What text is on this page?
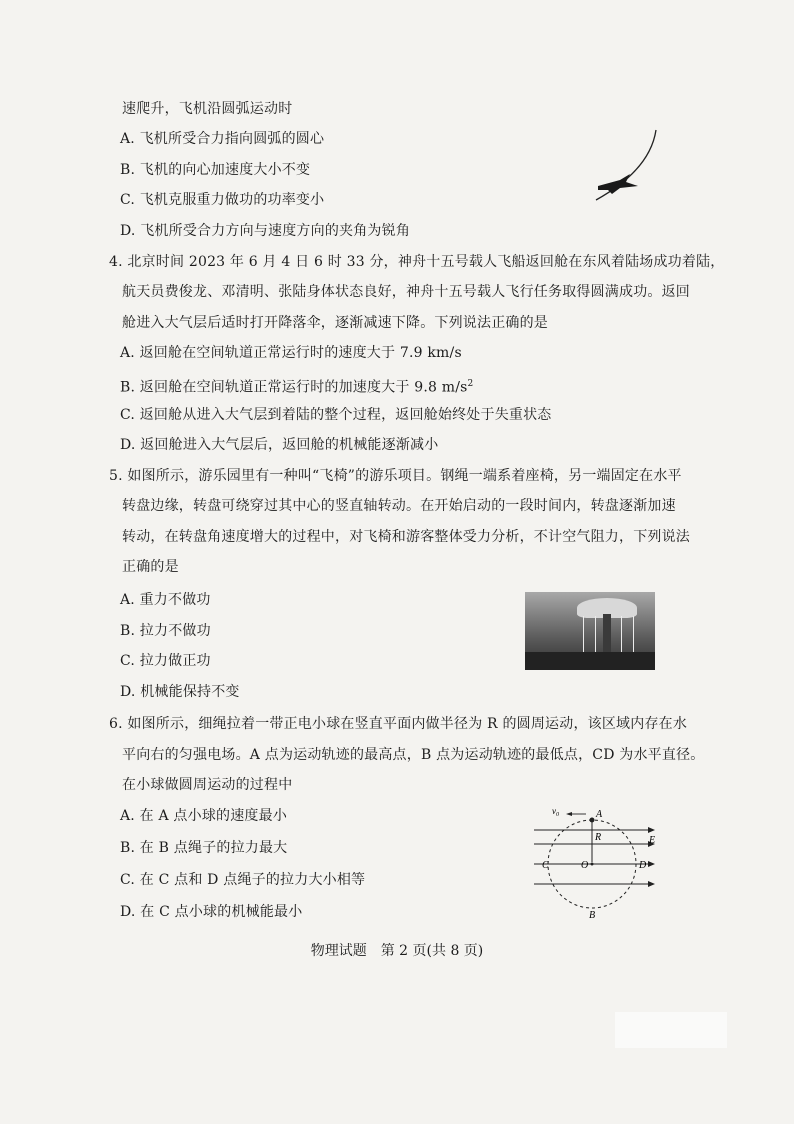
速爬升，飞机沿圆弧运动时
A. 飞机所受合力指向圆弧的圆心
B. 飞机的向心加速度大小不变
C. 飞机克服重力做功的功率变小
D. 飞机所受合力方向与速度方向的夹角为锐角
4. 北京时间 2023 年 6 月 4 日 6 时 33 分，神舟十五号载人飞船返回舱在东风着陆场成功着陆，
航天员费俊龙、邓清明、张陆身体状态良好，神舟十五号载人飞行任务取得圆满成功。返回
舱进入大气层后适时打开降落伞，逐渐减速下降。下列说法正确的是
A. 返回舱在空间轨道正常运行时的速度大于 7.9 km/s
B. 返回舱在空间轨道正常运行时的加速度大于 9.8 $m/s^2$
C. 返回舱从进入大气层到着陆的整个过程，返回舱始终处于失重状态
D. 返回舱进入大气层后，返回舱的机械能逐渐减小
5. 如图所示，游乐园里有一种叫“飞椅”的游乐项目。钢绳一端系着座椅，另一端固定在水平
转盘边缘，转盘可绕穿过其中心的竖直轴转动。在开始启动的一段时间内，转盘逐渐加速
转动，在转盘角速度增大的过程中，对飞椅和游客整体受力分析，不计空气阻力，下列说法
正确的是
A. 重力不做功
B. 拉力不做功
C. 拉力做正功
D. 机械能保持不变
6. 如图所示，细绳拉着一带正电小球在竖直平面内做半径为 R 的圆周运动，该区域内存在水
平向右的匀强电场。A 点为运动轨迹的最高点，B 点为运动轨迹的最低点，CD 为水平直径。
在小球做圆周运动的过程中
A. 在 A 点小球的速度最小
B. 在 B 点绳子的拉力最大
C. 在 C 点和 D 点绳子的拉力大小相等
D. 在 C 点小球的机械能最小
$v_0$	A
R
C	O	D
E
B
物理试题　第 2 页(共 8 页)
